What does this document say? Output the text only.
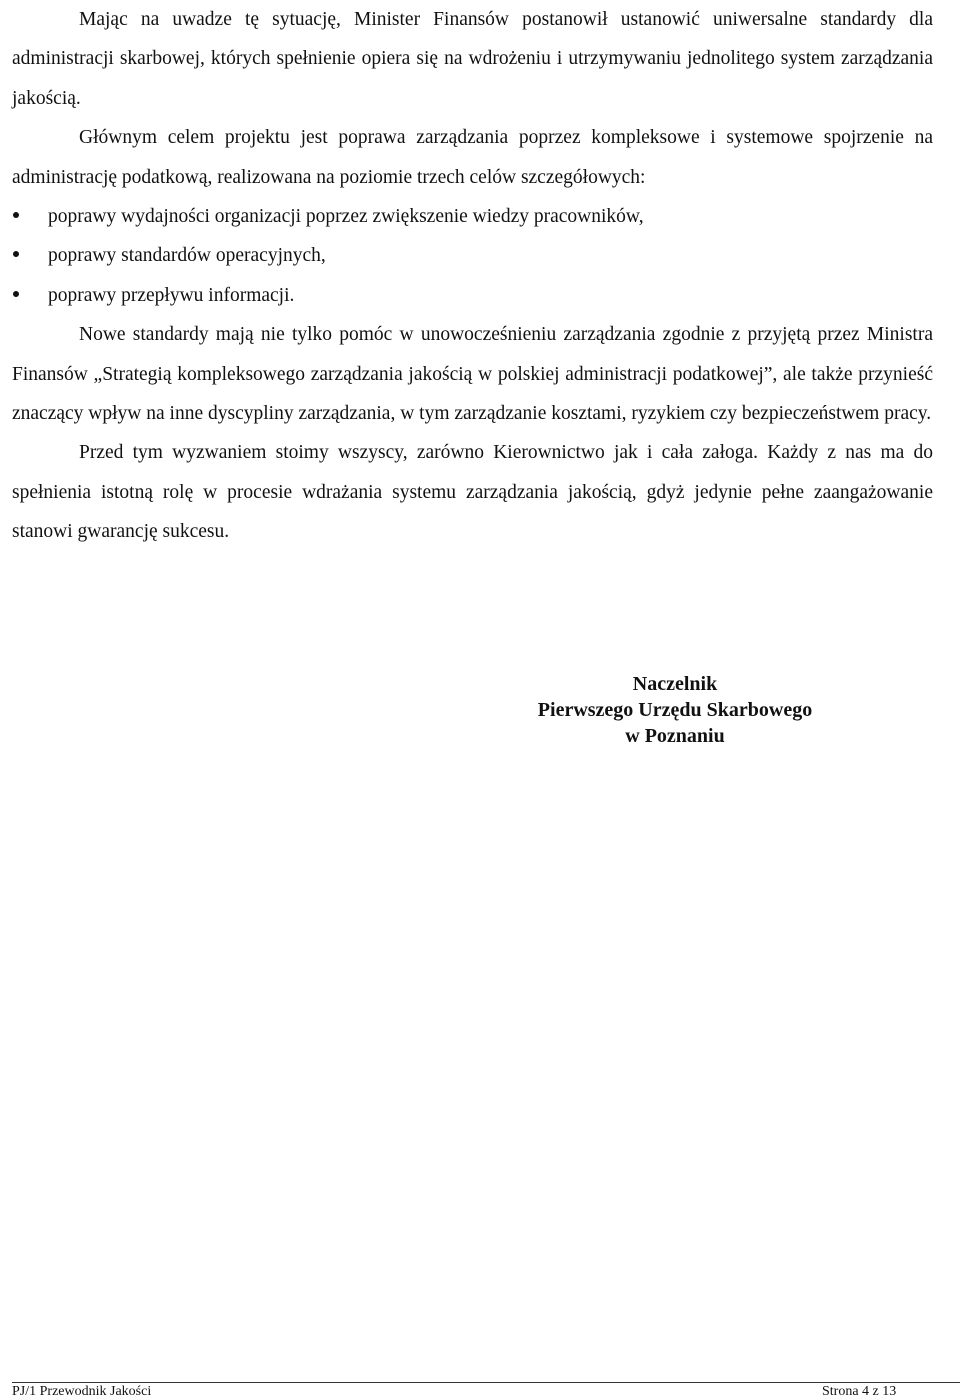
Mając na uwadze tę sytuację, Minister Finansów postanowił ustanowić uniwersalne standardy dla administracji skarbowej, których spełnienie opiera się na wdrożeniu i utrzymywaniu jednolitego system zarządzania jakością.

Głównym celem projektu jest poprawa zarządzania poprzez kompleksowe i systemowe spojrzenie na administrację podatkową, realizowana na poziomie trzech celów szczegółowych:

poprawy wydajności organizacji poprzez zwiększenie wiedzy pracowników,
poprawy standardów operacyjnych,
poprawy przepływu informacji.

Nowe standardy mają nie tylko pomóc w unowocześnieniu zarządzania zgodnie z przyjętą przez Ministra Finansów „Strategią kompleksowego zarządzania jakością w polskiej administracji podatkowej”, ale także przynieść znaczący wpływ na inne dyscypliny zarządzania, w tym zarządzanie kosztami, ryzykiem czy bezpieczeństwem pracy.

Przed tym wyzwaniem stoimy wszyscy, zarówno Kierownictwo jak i cała załoga. Każdy z nas ma do spełnienia istotną rolę w procesie wdrażania systemu zarządzania jakością, gdyż jedynie pełne zaangażowanie stanowi gwarancję sukcesu.

Naczelnik
Pierwszego Urzędu Skarbowego
w Poznaniu
PJ/1 Przewodnik Jakości	Strona 4 z 13
